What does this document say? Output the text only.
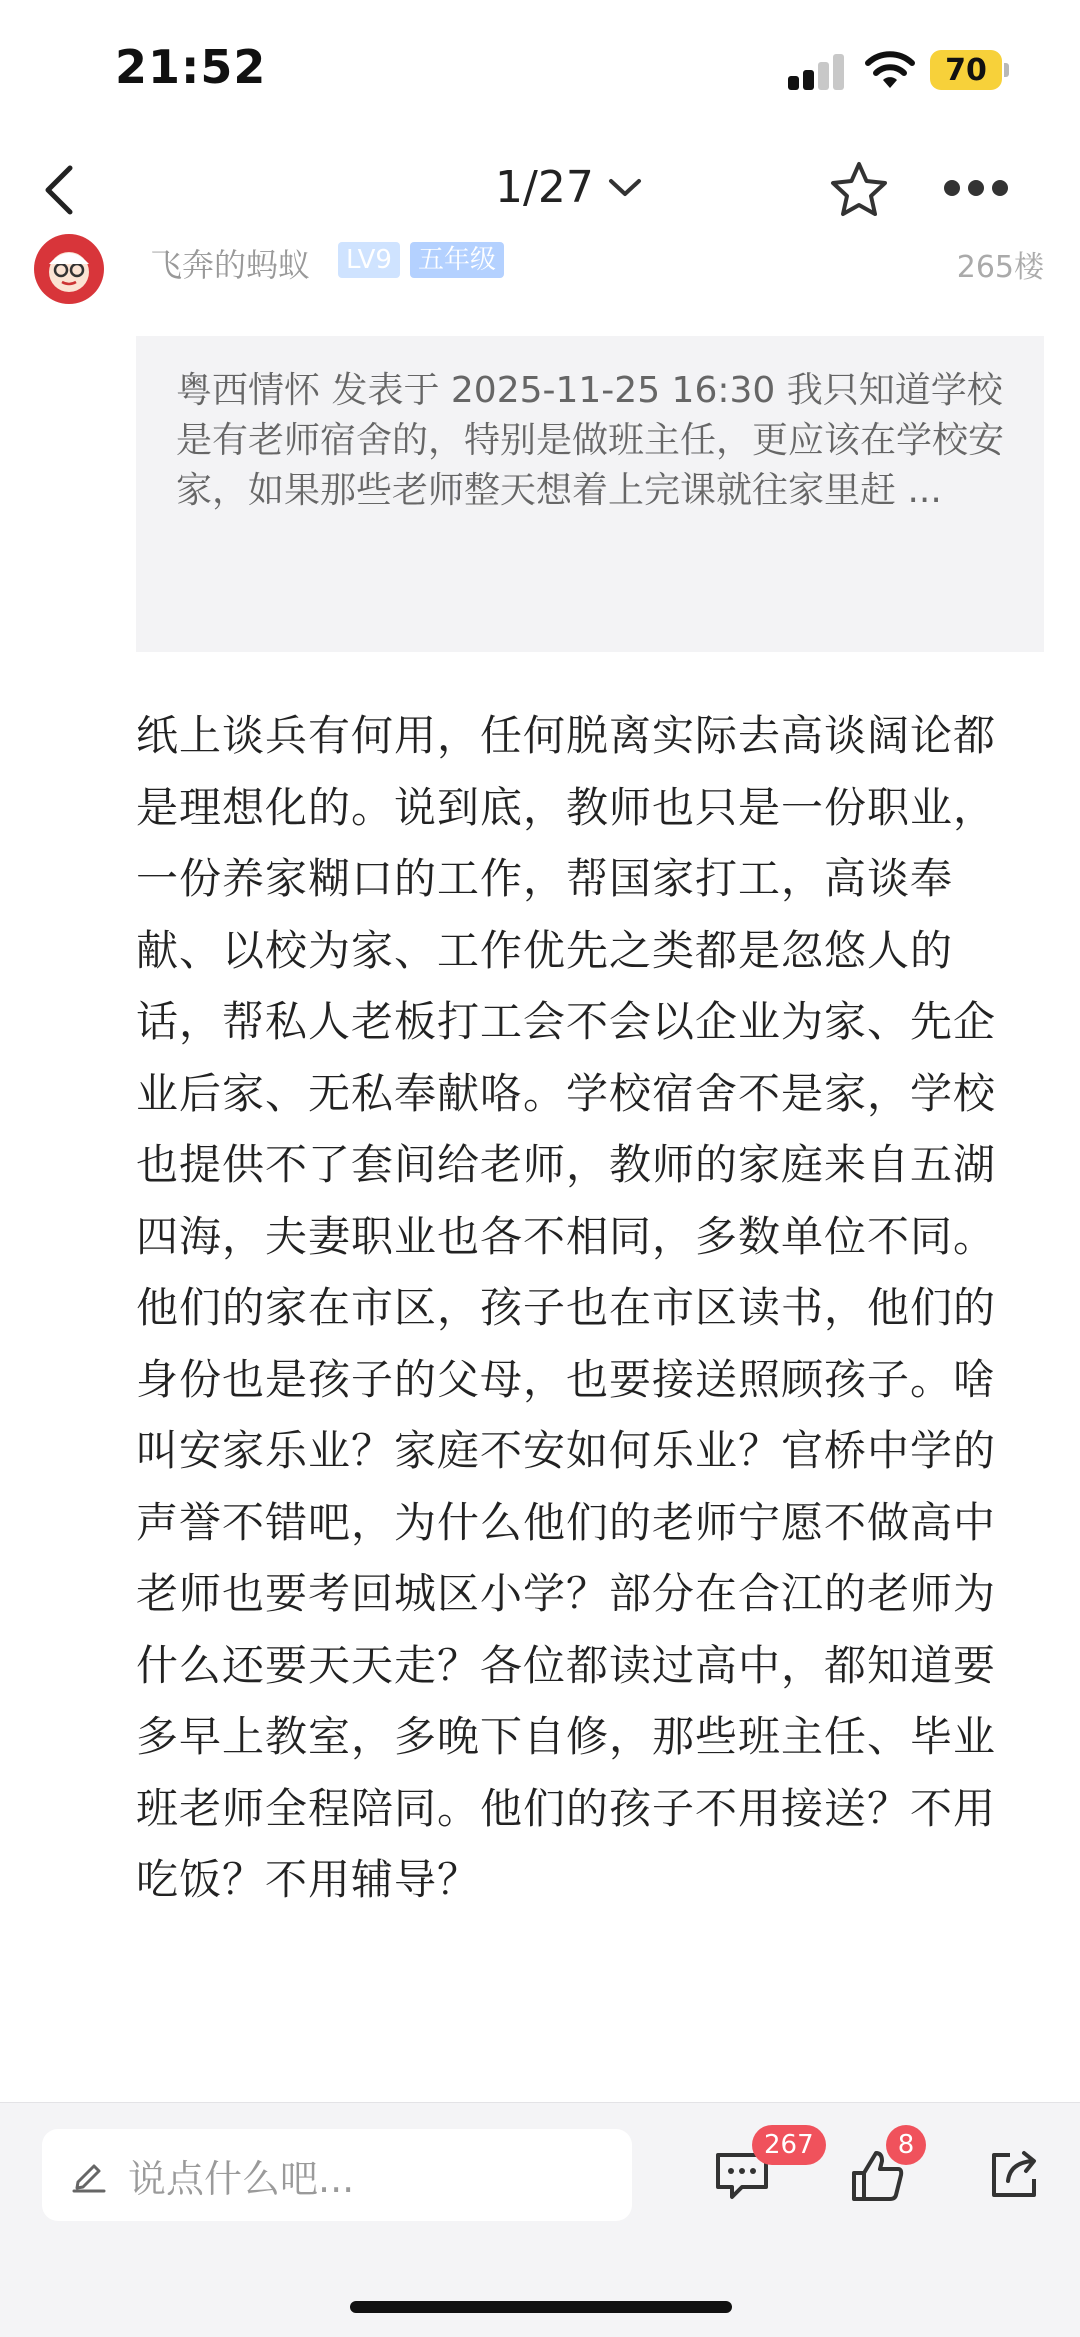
21:52	70
1/27
飞奔的蚂蚁	LV9	五年级	265楼
粤西情怀 发表于 2025-11-25 16:30 我只知道学校是有老师宿舍的，特别是做班主任，更应该在学校安家，如果那些老师整天想着上完课就往家里赶 ...
纸上谈兵有何用，任何脱离实际去高谈阔论都是理想化的。说到底，教师也只是一份职业，一份养家糊口的工作，帮国家打工，高谈奉献、以校为家、工作优先之类都是忽悠人的话，帮私人老板打工会不会以企业为家、先企业后家、无私奉献咯。学校宿舍不是家，学校也提供不了套间给老师，教师的家庭来自五湖四海，夫妻职业也各不相同，多数单位不同。他们的家在市区，孩子也在市区读书，他们的身份也是孩子的父母，也要接送照顾孩子。啥叫安家乐业？家庭不安如何乐业？官桥中学的声誉不错吧，为什么他们的老师宁愿不做高中老师也要考回城区小学？部分在合江的老师为什么还要天天走？各位都读过高中，都知道要多早上教室，多晚下自修，那些班主任、毕业班老师全程陪同。他们的孩子不用接送？不用吃饭？不用辅导？
说点什么吧...
267	8
